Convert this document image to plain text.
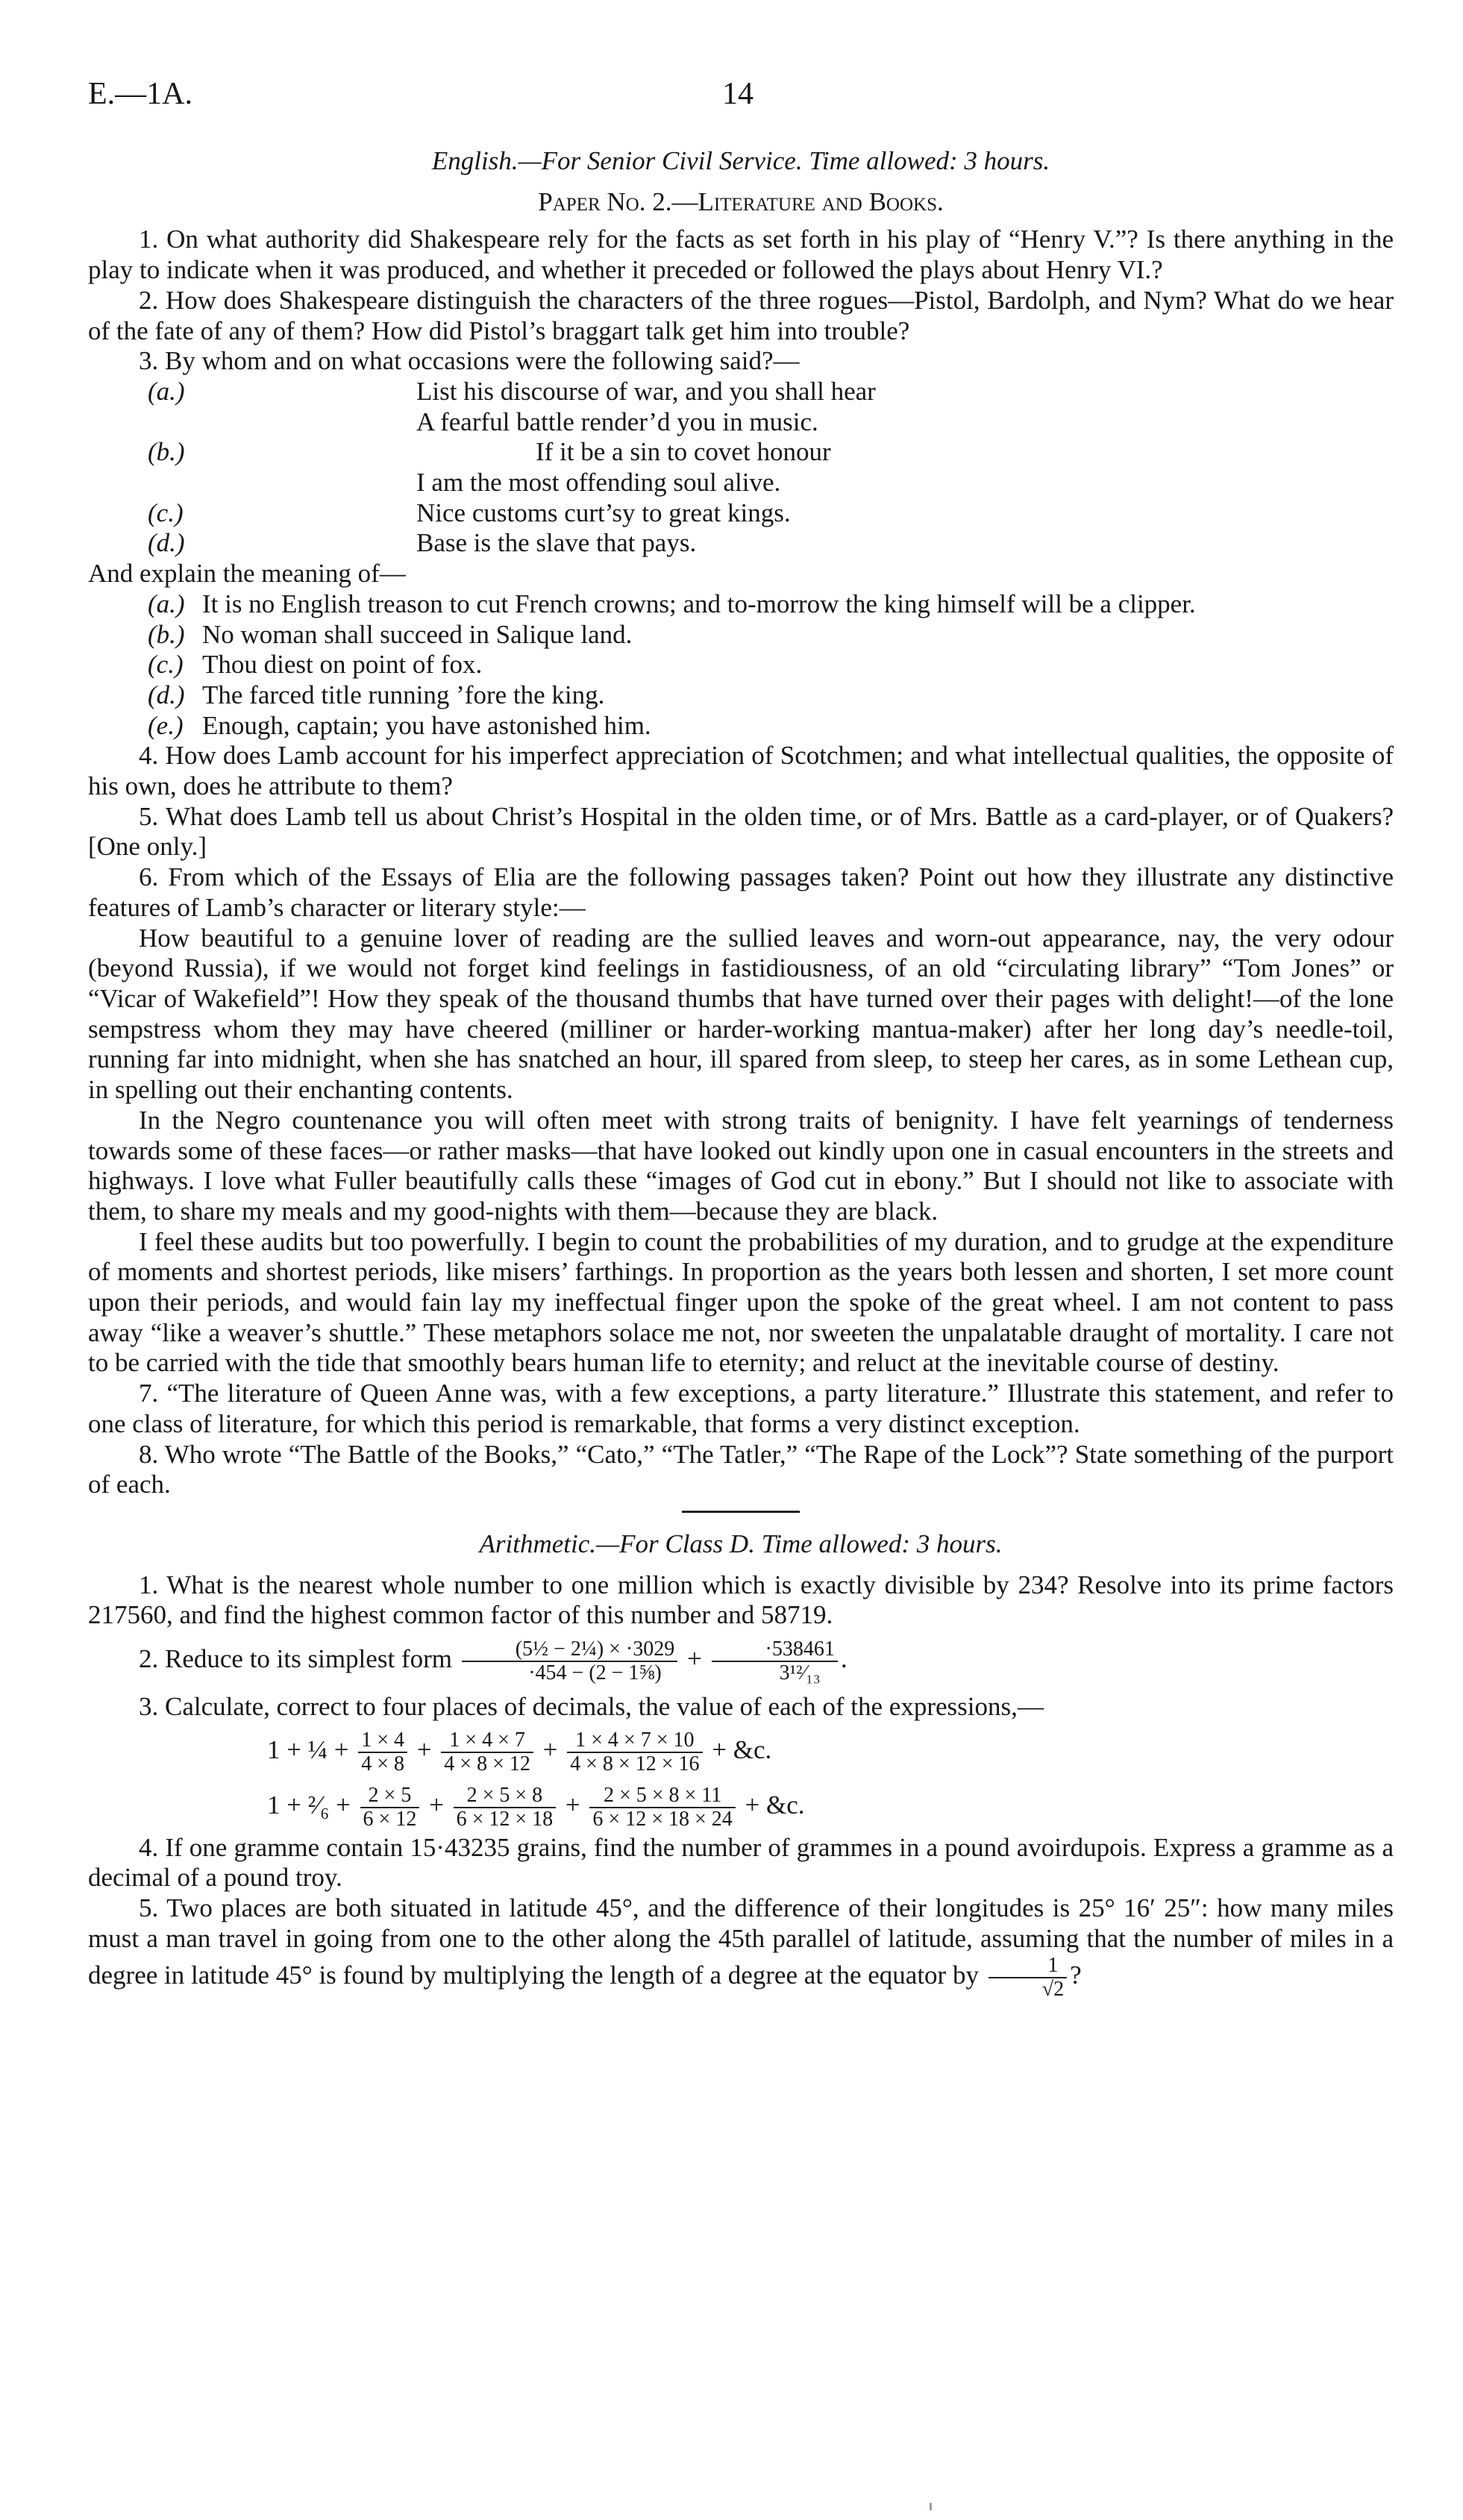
E.—1A.	14

English.—For Senior Civil Service. Time allowed: 3 hours.

Paper No. 2.—Literature and Books.

1. On what authority did Shakespeare rely for the facts as set forth in his play of “Henry V.”? Is there anything in the play to indicate when it was produced, and whether it preceded or followed the plays about Henry VI.?

2. How does Shakespeare distinguish the characters of the three rogues—Pistol, Bardolph, and Nym? What do we hear of the fate of any of them? How did Pistol’s braggart talk get him into trouble?

3. By whom and on what occasions were the following said?—

(a.)	List his discourse of war, and you shall hear
A fearful battle render’d you in music.
(b.)	If it be a sin to covet honour
I am the most offending soul alive.
(c.)	Nice customs curt’sy to great kings.
(d.)	Base is the slave that pays.

And explain the meaning of—

(a.) It is no English treason to cut French crowns; and to-morrow the king himself will be a clipper.
(b.) No woman shall succeed in Salique land.
(c.) Thou diest on point of fox.
(d.) The farced title running ’fore the king.
(e.) Enough, captain; you have astonished him.

4. How does Lamb account for his imperfect appreciation of Scotchmen; and what intellectual qualities, the opposite of his own, does he attribute to them?

5. What does Lamb tell us about Christ’s Hospital in the olden time, or of Mrs. Battle as a card-player, or of Quakers? [One only.]

6. From which of the Essays of Elia are the following passages taken? Point out how they illustrate any distinctive features of Lamb’s character or literary style:—

How beautiful to a genuine lover of reading are the sullied leaves and worn-out appearance, nay, the very odour (beyond Russia), if we would not forget kind feelings in fastidiousness, of an old “circulating library” “Tom Jones” or “Vicar of Wakefield”! How they speak of the thousand thumbs that have turned over their pages with delight!—of the lone sempstress whom they may have cheered (milliner or harder-working mantua-maker) after her long day’s needle-toil, running far into midnight, when she has snatched an hour, ill spared from sleep, to steep her cares, as in some Lethean cup, in spelling out their enchanting contents.

In the Negro countenance you will often meet with strong traits of benignity. I have felt yearnings of tenderness towards some of these faces—or rather masks—that have looked out kindly upon one in casual encounters in the streets and highways. I love what Fuller beautifully calls these “images of God cut in ebony.” But I should not like to associate with them, to share my meals and my good-nights with them—because they are black.

I feel these audits but too powerfully. I begin to count the probabilities of my duration, and to grudge at the expenditure of moments and shortest periods, like misers’ farthings. In proportion as the years both lessen and shorten, I set more count upon their periods, and would fain lay my ineffectual finger upon the spoke of the great wheel. I am not content to pass away “like a weaver’s shuttle.” These metaphors solace me not, nor sweeten the unpalatable draught of mortality. I care not to be carried with the tide that smoothly bears human life to eternity; and reluct at the inevitable course of destiny.

7. “The literature of Queen Anne was, with a few exceptions, a party literature.” Illustrate this statement, and refer to one class of literature, for which this period is remarkable, that forms a very distinct exception.

8. Who wrote “The Battle of the Books,” “Cato,” “The Tatler,” “The Rape of the Lock”? State something of the purport of each.

Arithmetic.—For Class D. Time allowed: 3 hours.

1. What is the nearest whole number to one million which is exactly divisible by 234? Resolve into its prime factors 217560, and find the highest common factor of this number and 58719.

2. Reduce to its simplest form $\frac{\text{(5½ − 2¼) × ·3029}}{\text{·454 − (2 − 1⅝)}} + \frac{\cdot 538461}{\text{3¹²⁄₁₃}}$ .

3. Calculate, correct to four places of decimals, the value of each of the expressions,—

1 + ¼ + $\frac{1 \times 4}{4 \times 8} + \frac{1 \times 4 \times 7}{4 \times 8 \times 12} + \frac{1 \times 4 \times 7 \times 10}{4 \times 8 \times 12 \times 16}$ + &c.
1 + ²⁄₆ + $\frac{2 \times 5}{6 \times 12} + \frac{2 \times 5 \times 8}{6 \times 12 \times 18} + \frac{2 \times 5 \times 8 \times 11}{6 \times 12 \times 18 \times 24}$ + &c.

4. If one gramme contain 15·43235 grains, find the number of grammes in a pound avoirdupois. Express a gramme as a decimal of a pound troy.

5. Two places are both situated in latitude 45°, and the difference of their longitudes is 25° 16′ 25″: how many miles must a man travel in going from one to the other along the 45th parallel of latitude, assuming that the number of miles in a degree in latitude 45° is found by multiplying the length of a degree at the equator by $\frac{1}{√2}$ ?
